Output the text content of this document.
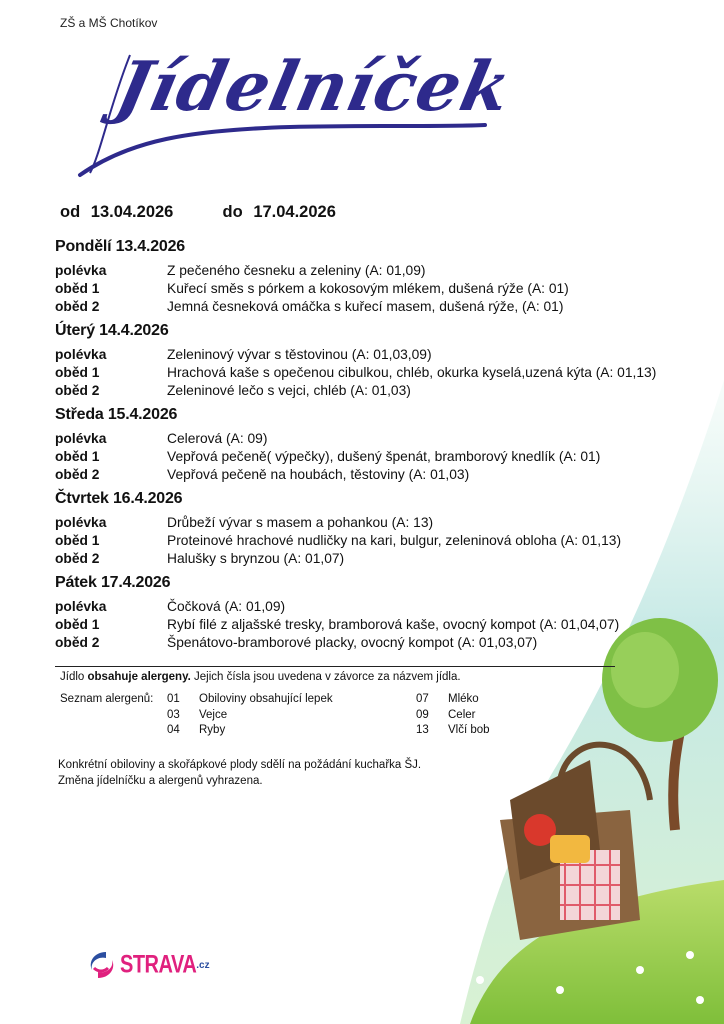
ZŠ a MŠ Chotíkov
Jídelníček
od 13.04.2026	do 17.04.2026
Pondělí 13.4.2026
polévka	Z pečeného česneku a zeleniny (A: 01,09)
oběd 1	Kuřecí směs s pórkem a kokosovým mlékem, dušená rýže (A: 01)
oběd 2	Jemná česneková omáčka s kuřecí masem, dušená rýže, (A: 01)
Úterý 14.4.2026
polévka	Zeleninový vývar s těstovinou (A: 01,03,09)
oběd 1	Hrachová kaše s opečenou cibulkou, chléb, okurka kyselá,uzená kýta (A: 01,13)
oběd 2	Zeleninové lečo s vejci, chléb (A: 01,03)
Středa 15.4.2026
polévka	Celerová (A: 09)
oběd 1	Vepřová pečeně( výpečky), dušený špenát, bramborový knedlík (A: 01)
oběd 2	Vepřová pečeně na houbách, těstoviny (A: 01,03)
Čtvrtek 16.4.2026
polévka	Drůbeží vývar s masem a pohankou (A: 13)
oběd 1	Proteinové hrachové nudličky na kari, bulgur, zeleninová obloha (A: 01,13)
oběd 2	Halušky s brynzou (A: 01,07)
Pátek 17.4.2026
polévka	Čočková (A: 01,09)
oběd 1	Rybí filé z aljašské tresky, bramborová kaše, ovocný kompot (A: 01,04,07)
oběd 2	Špenátovo-bramborové placky, ovocný kompot (A: 01,03,07)
Jídlo obsahuje alergeny. Jejich čísla jsou uvedena v závorce za názvem jídla.
Seznam alergenů: 01	Obiloviny obsahující lepek
03	Vejce
04	Ryby
07	Mléko
09	Celer
13	Vlčí bob
Konkrétní obiloviny a skořápkové plody sdělí na požádání kuchařka ŠJ.
Změna jídelníčku a alergenů vyhrazena.
STRAVA .cz
